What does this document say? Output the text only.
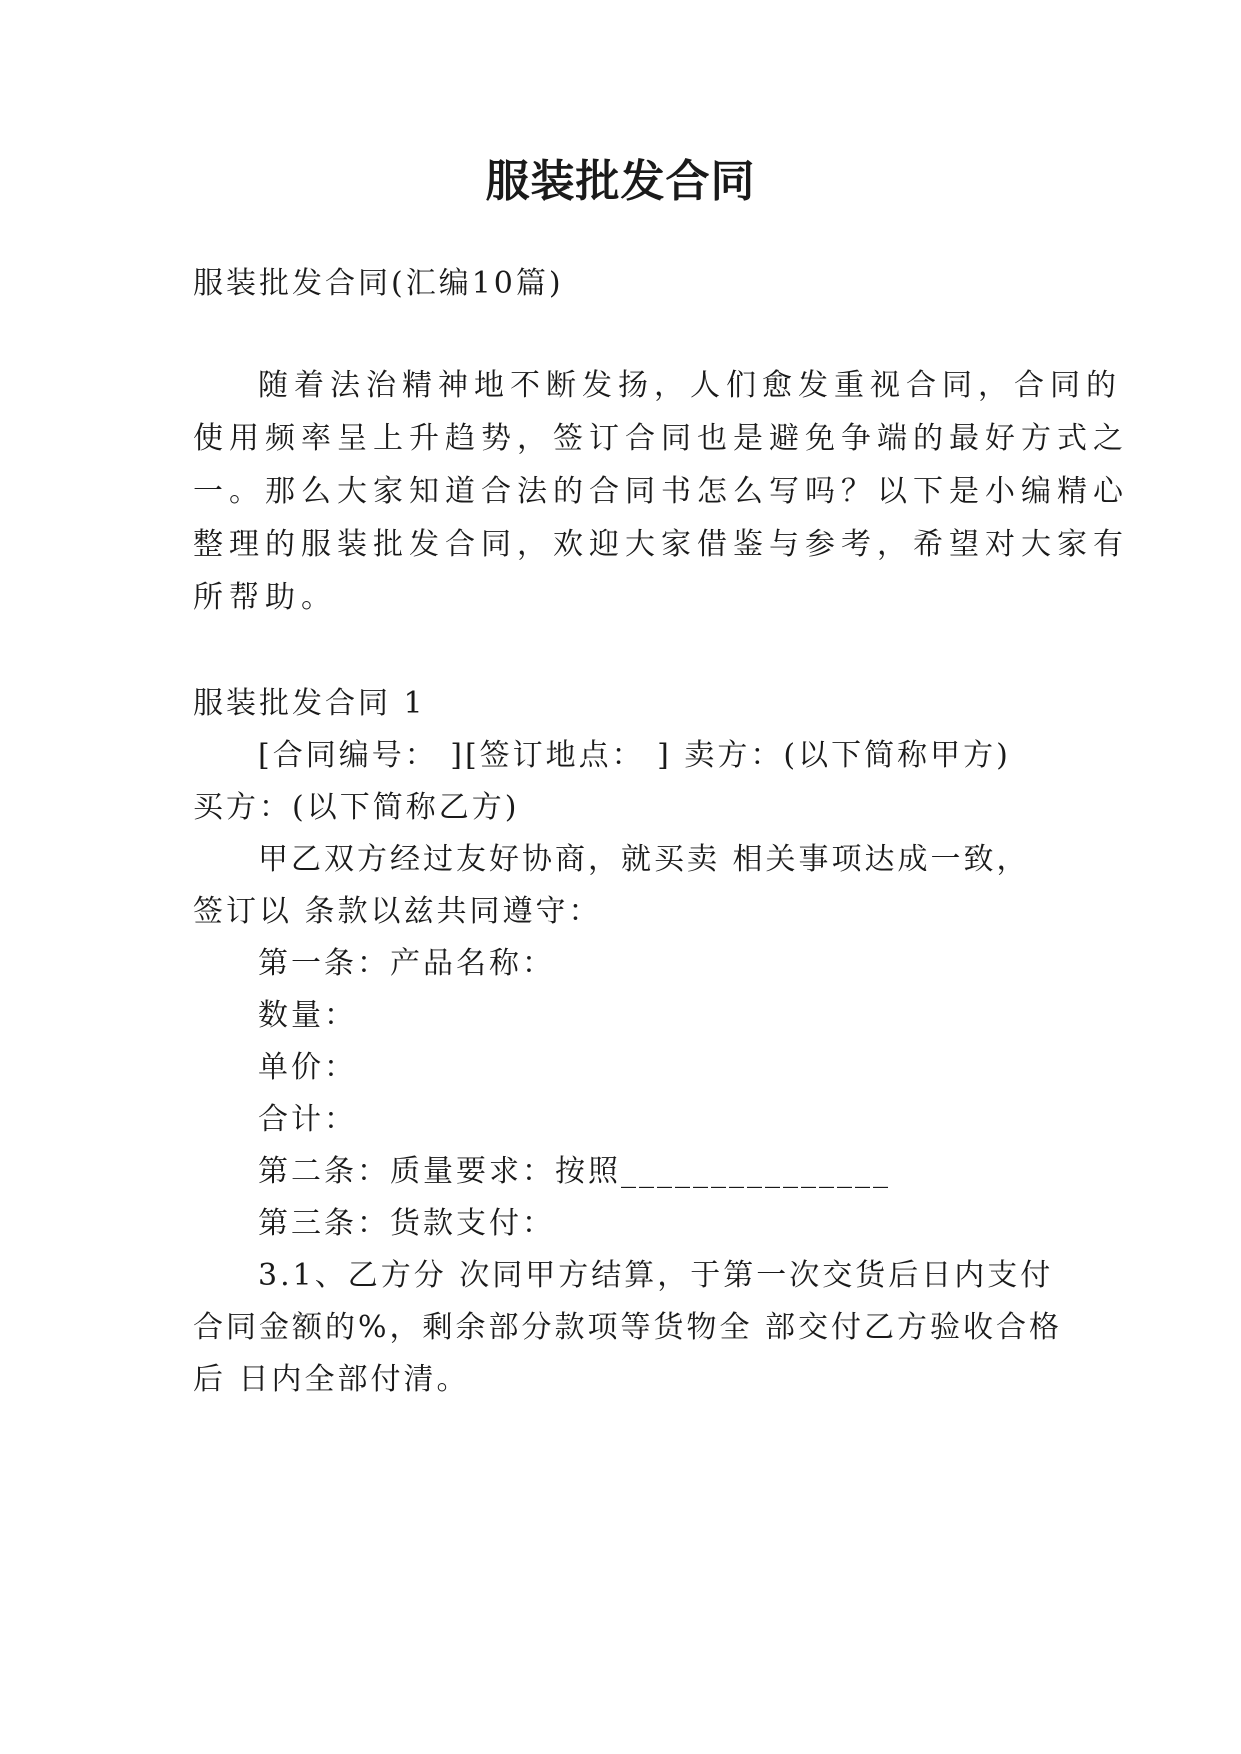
服装批发合同
服装批发合同(汇编10篇)
随着法治精神地不断发扬，人们愈发重视合同，合同的
使用频率呈上升趋势，签订合同也是避免争端的最好方式之
一。那么大家知道合法的合同书怎么写吗？以下是小编精心
整理的服装批发合同，欢迎大家借鉴与参考，希望对大家有
所帮助。
服装批发合同 1
[合同编号： ][签订地点： ] 卖方：(以下简称甲方)
买方：(以下简称乙方)
甲乙双方经过友好协商，就买卖 相关事项达成一致，
签订以 条款以兹共同遵守：
第一条：产品名称：
数量：
单价：
合计：
第二条：质量要求：按照_______________
第三条：货款支付：
3.1、乙方分 次同甲方结算，于第一次交货后日内支付
合同金额的%，剩余部分款项等货物全 部交付乙方验收合格
后 日内全部付清。
